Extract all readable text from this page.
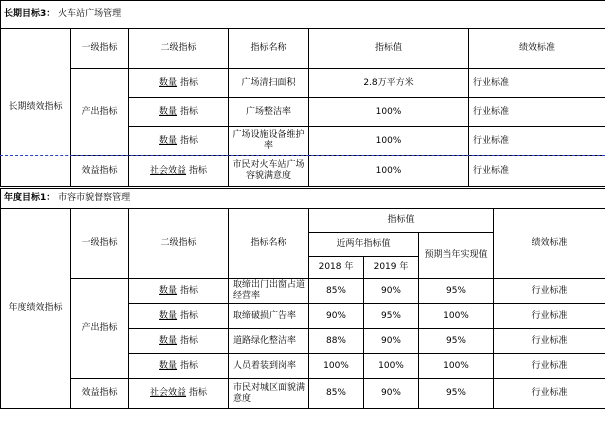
长期目标3： 火车站广场管理					
长期绩效指标	一级指标	二级指标	指标名称	指标值	绩效标准
	产出指标	数量 指标	广场清扫面积	2.8万平方米	行业标准
		数量 指标	广场整洁率	100%	行业标准
		数量 指标	广场设施设备维护率	100%	行业标准
	效益指标	社会效益 指标	市民对火车站广场容貌满意度	100%	行业标准
年度目标1： 市容市貌督察管理							
年度绩效指标	一级指标	二级指标	指标名称	指标值			绩效标准
				近两年指标值		预期当年实现值	
				2018 年	2019 年		
	产出指标	数量 指标	取缔出门出窗占道经营率	85%	90%	95%	行业标准
		数量 指标	取缔破损广告率	90%	95%	100%	行业标准
		数量 指标	道路绿化整洁率	88%	90%	95%	行业标准
		数量 指标	人员着装到岗率	100%	100%	100%	行业标准
	效益指标	社会效益 指标	市民对城区面貌满意度	85%	90%	95%	行业标准
